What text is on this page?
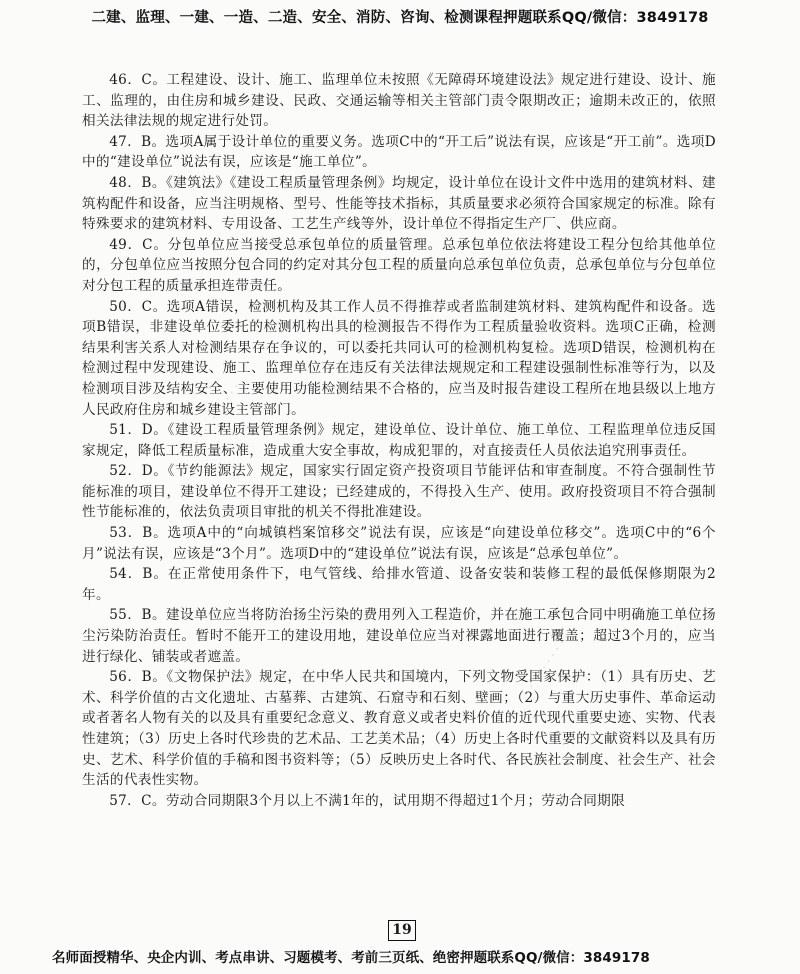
二建、监理、一建、一造、二造、安全、消防、咨询、检测课程押题联系QQ/微信：3849178

46．C。工程建设、设计、施工、监理单位未按照《无障碍环境建设法》规定进行建设、设计、施工、监理的，由住房和城乡建设、民政、交通运输等相关主管部门责令限期改正；逾期未改正的，依照相关法律法规的规定进行处罚。

47．B。选项A属于设计单位的重要义务。选项C中的“开工后”说法有误，应该是“开工前”。选项D中的“建设单位”说法有误，应该是“施工单位”。

48．B。《建筑法》《建设工程质量管理条例》均规定，设计单位在设计文件中选用的建筑材料、建筑构配件和设备，应当注明规格、型号、性能等技术指标，其质量要求必须符合国家规定的标准。除有特殊要求的建筑材料、专用设备、工艺生产线等外，设计单位不得指定生产厂、供应商。

49．C。分包单位应当接受总承包单位的质量管理。总承包单位依法将建设工程分包给其他单位的，分包单位应当按照分包合同的约定对其分包工程的质量向总承包单位负责，总承包单位与分包单位对分包工程的质量承担连带责任。

50．C。选项A错误，检测机构及其工作人员不得推荐或者监制建筑材料、建筑构配件和设备。选项B错误，非建设单位委托的检测机构出具的检测报告不得作为工程质量验收资料。选项C正确，检测结果利害关系人对检测结果存在争议的，可以委托共同认可的检测机构复检。选项D错误，检测机构在检测过程中发现建设、施工、监理单位存在违反有关法律法规规定和工程建设强制性标准等行为，以及检测项目涉及结构安全、主要使用功能检测结果不合格的，应当及时报告建设工程所在地县级以上地方人民政府住房和城乡建设主管部门。

51．D。《建设工程质量管理条例》规定，建设单位、设计单位、施工单位、工程监理单位违反国家规定，降低工程质量标准，造成重大安全事故，构成犯罪的，对直接责任人员依法追究刑事责任。

52．D。《节约能源法》规定，国家实行固定资产投资项目节能评估和审查制度。不符合强制性节能标准的项目，建设单位不得开工建设；已经建成的，不得投入生产、使用。政府投资项目不符合强制性节能标准的，依法负责项目审批的机关不得批准建设。

53．B。选项A中的“向城镇档案馆移交”说法有误，应该是“向建设单位移交”。选项C中的“6个月”说法有误，应该是“3个月”。选项D中的“建设单位”说法有误，应该是“总承包单位”。

54．B。在正常使用条件下，电气管线、给排水管道、设备安装和装修工程的最低保修期限为2年。

55．B。建设单位应当将防治扬尘污染的费用列入工程造价，并在施工承包合同中明确施工单位扬尘污染防治责任。暂时不能开工的建设用地，建设单位应当对裸露地面进行覆盖；超过3个月的，应当进行绿化、铺装或者遮盖。

56．B。《文物保护法》规定，在中华人民共和国境内，下列文物受国家保护：（1）具有历史、艺术、科学价值的古文化遗址、古墓葬、古建筑、石窟寺和石刻、壁画；（2）与重大历史事件、革命运动或者著名人物有关的以及具有重要纪念意义、教育意义或者史料价值的近代现代重要史迹、实物、代表性建筑；（3）历史上各时代珍贵的艺术品、工艺美术品；（4）历史上各时代重要的文献资料以及具有历史、艺术、科学价值的手稿和图书资料等；（5）反映历史上各时代、各民族社会制度、社会生产、社会生活的代表性实物。

57．C。劳动合同期限3个月以上不满1年的，试用期不得超过1个月；劳动合同期限

· · · · · · · · · ·
· · · · · · · · · ·
19
名师面授精华、央企内训、考点串讲、习题模考、考前三页纸、绝密押题联系QQ/微信：3849178
